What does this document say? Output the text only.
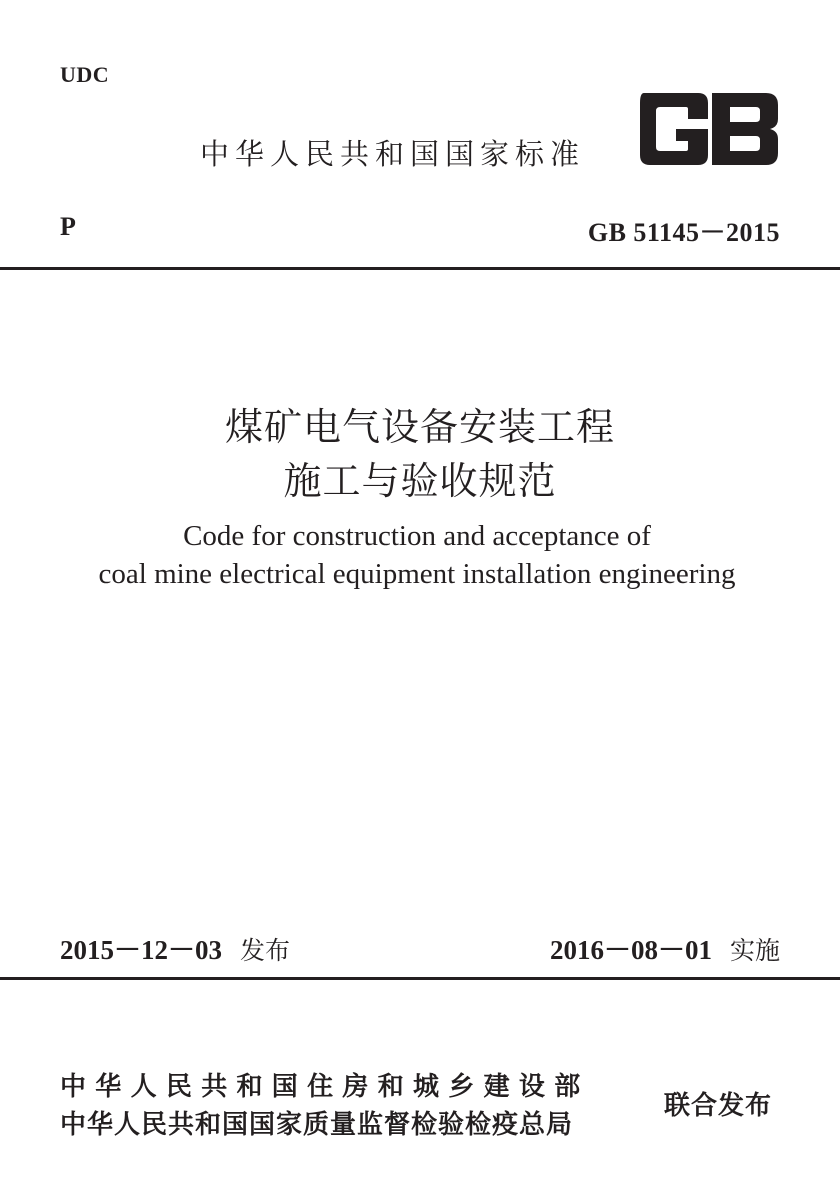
UDC
中华人民共和国国家标准
P	GB 51145－2015
煤矿电气设备安装工程
施工与验收规范
Code for construction and acceptance of
coal mine electrical equipment installation engineering
2015－12－03 发布	2016－08－01 实施
中华人民共和国住房和城乡建设部
中华人民共和国国家质量监督检验检疫总局
联合发布
